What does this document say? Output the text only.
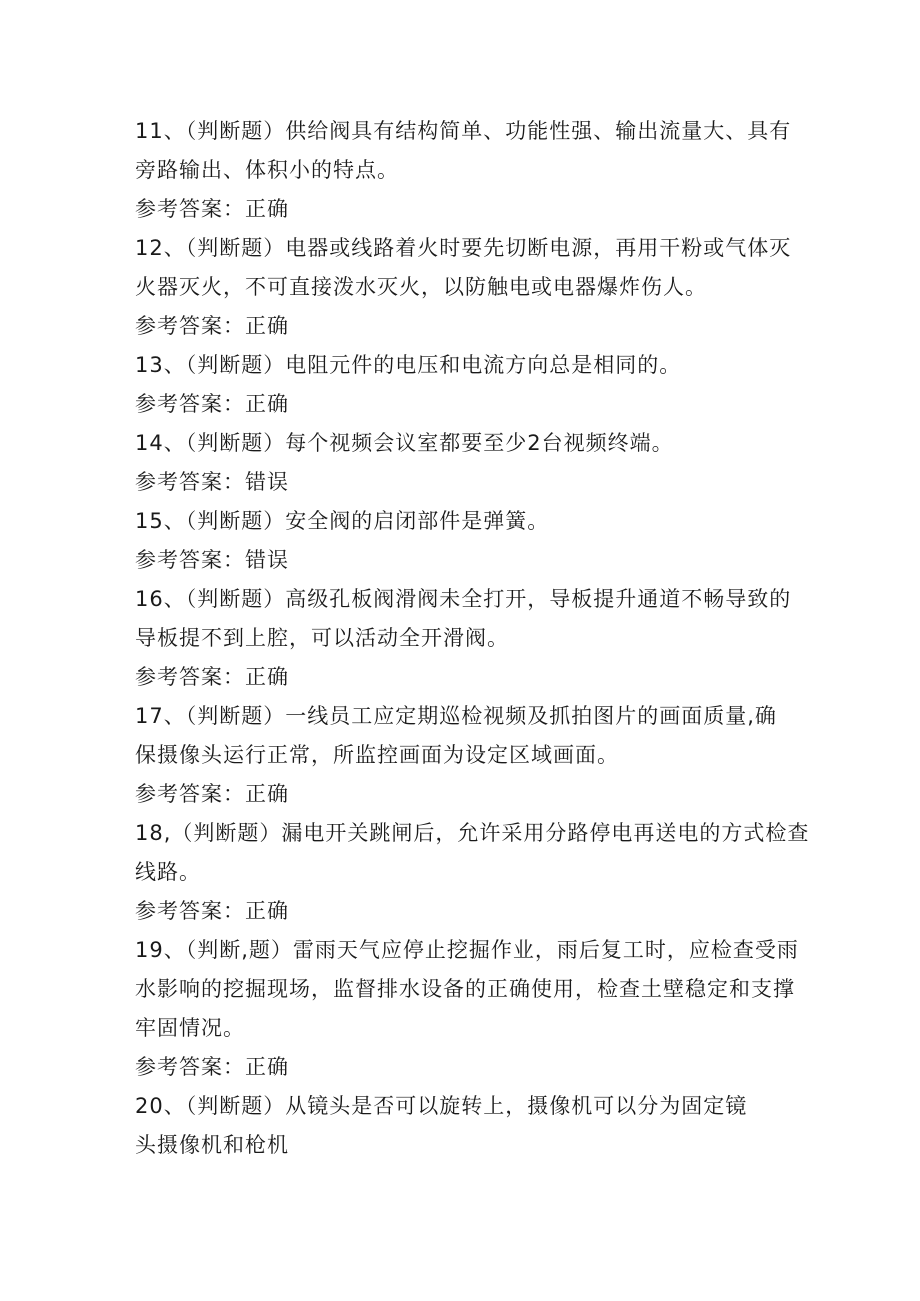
11、（判断题）供给阀具有结构简单、功能性强、输出流量大、具有
旁路输出、体积小的特点。
参考答案：正确
12、（判断题）电器或线路着火时要先切断电源，再用干粉或气体灭
火器灭火，不可直接泼水灭火，以防触电或电器爆炸伤人。
参考答案：正确
13、（判断题）电阻元件的电压和电流方向总是相同的。
参考答案：正确
14、（判断题）每个视频会议室都要至少2台视频终端。
参考答案：错误
15、（判断题）安全阀的启闭部件是弹簧。
参考答案：错误
16、（判断题）高级孔板阀滑阀未全打开，导板提升通道不畅导致的
导板提不到上腔，可以活动全开滑阀。
参考答案：正确
17、（判断题）一线员工应定期巡检视频及抓拍图片的画面质量,确
保摄像头运行正常，所监控画面为设定区域画面。
参考答案：正确
18,（判断题）漏电开关跳闸后，允许采用分路停电再送电的方式检查
线路。
参考答案：正确
19、（判断,题）雷雨天气应停止挖掘作业，雨后复工时，应检查受雨
水影响的挖掘现场，监督排水设备的正确使用，检查土壁稳定和支撑
牢固情况。
参考答案：正确
20、（判断题）从镜头是否可以旋转上，摄像机可以分为固定镜
头摄像机和枪机
